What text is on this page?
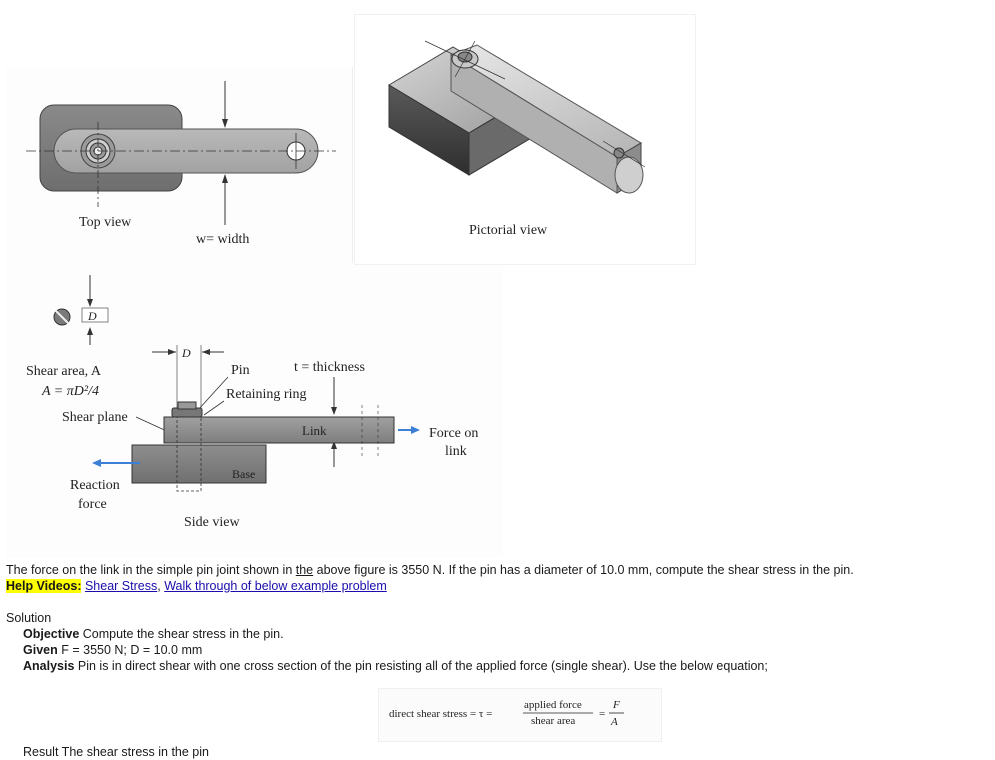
Top view
w= width
Pictorial view
D
Shear area, A
A = πD²/4
Shear plane
D
Pin
Retaining ring
t = thickness
Link
Base
Force on
link
Reaction
force
Side view
The force on the link in the simple pin joint shown in the above figure is 3550 N. If the pin has a diameter of 10.0 mm, compute the shear stress in the pin.
Help Videos: Shear Stress, Walk through of below example problem
Solution
Objective Compute the shear stress in the pin.
Given F = 3550 N; D = 10.0 mm
Analysis Pin is in direct shear with one cross section of the pin resisting all of the applied force (single shear). Use the below equation;
direct shear stress = τ =
applied force
shear area
=
F
A
Result The shear stress in the pin
